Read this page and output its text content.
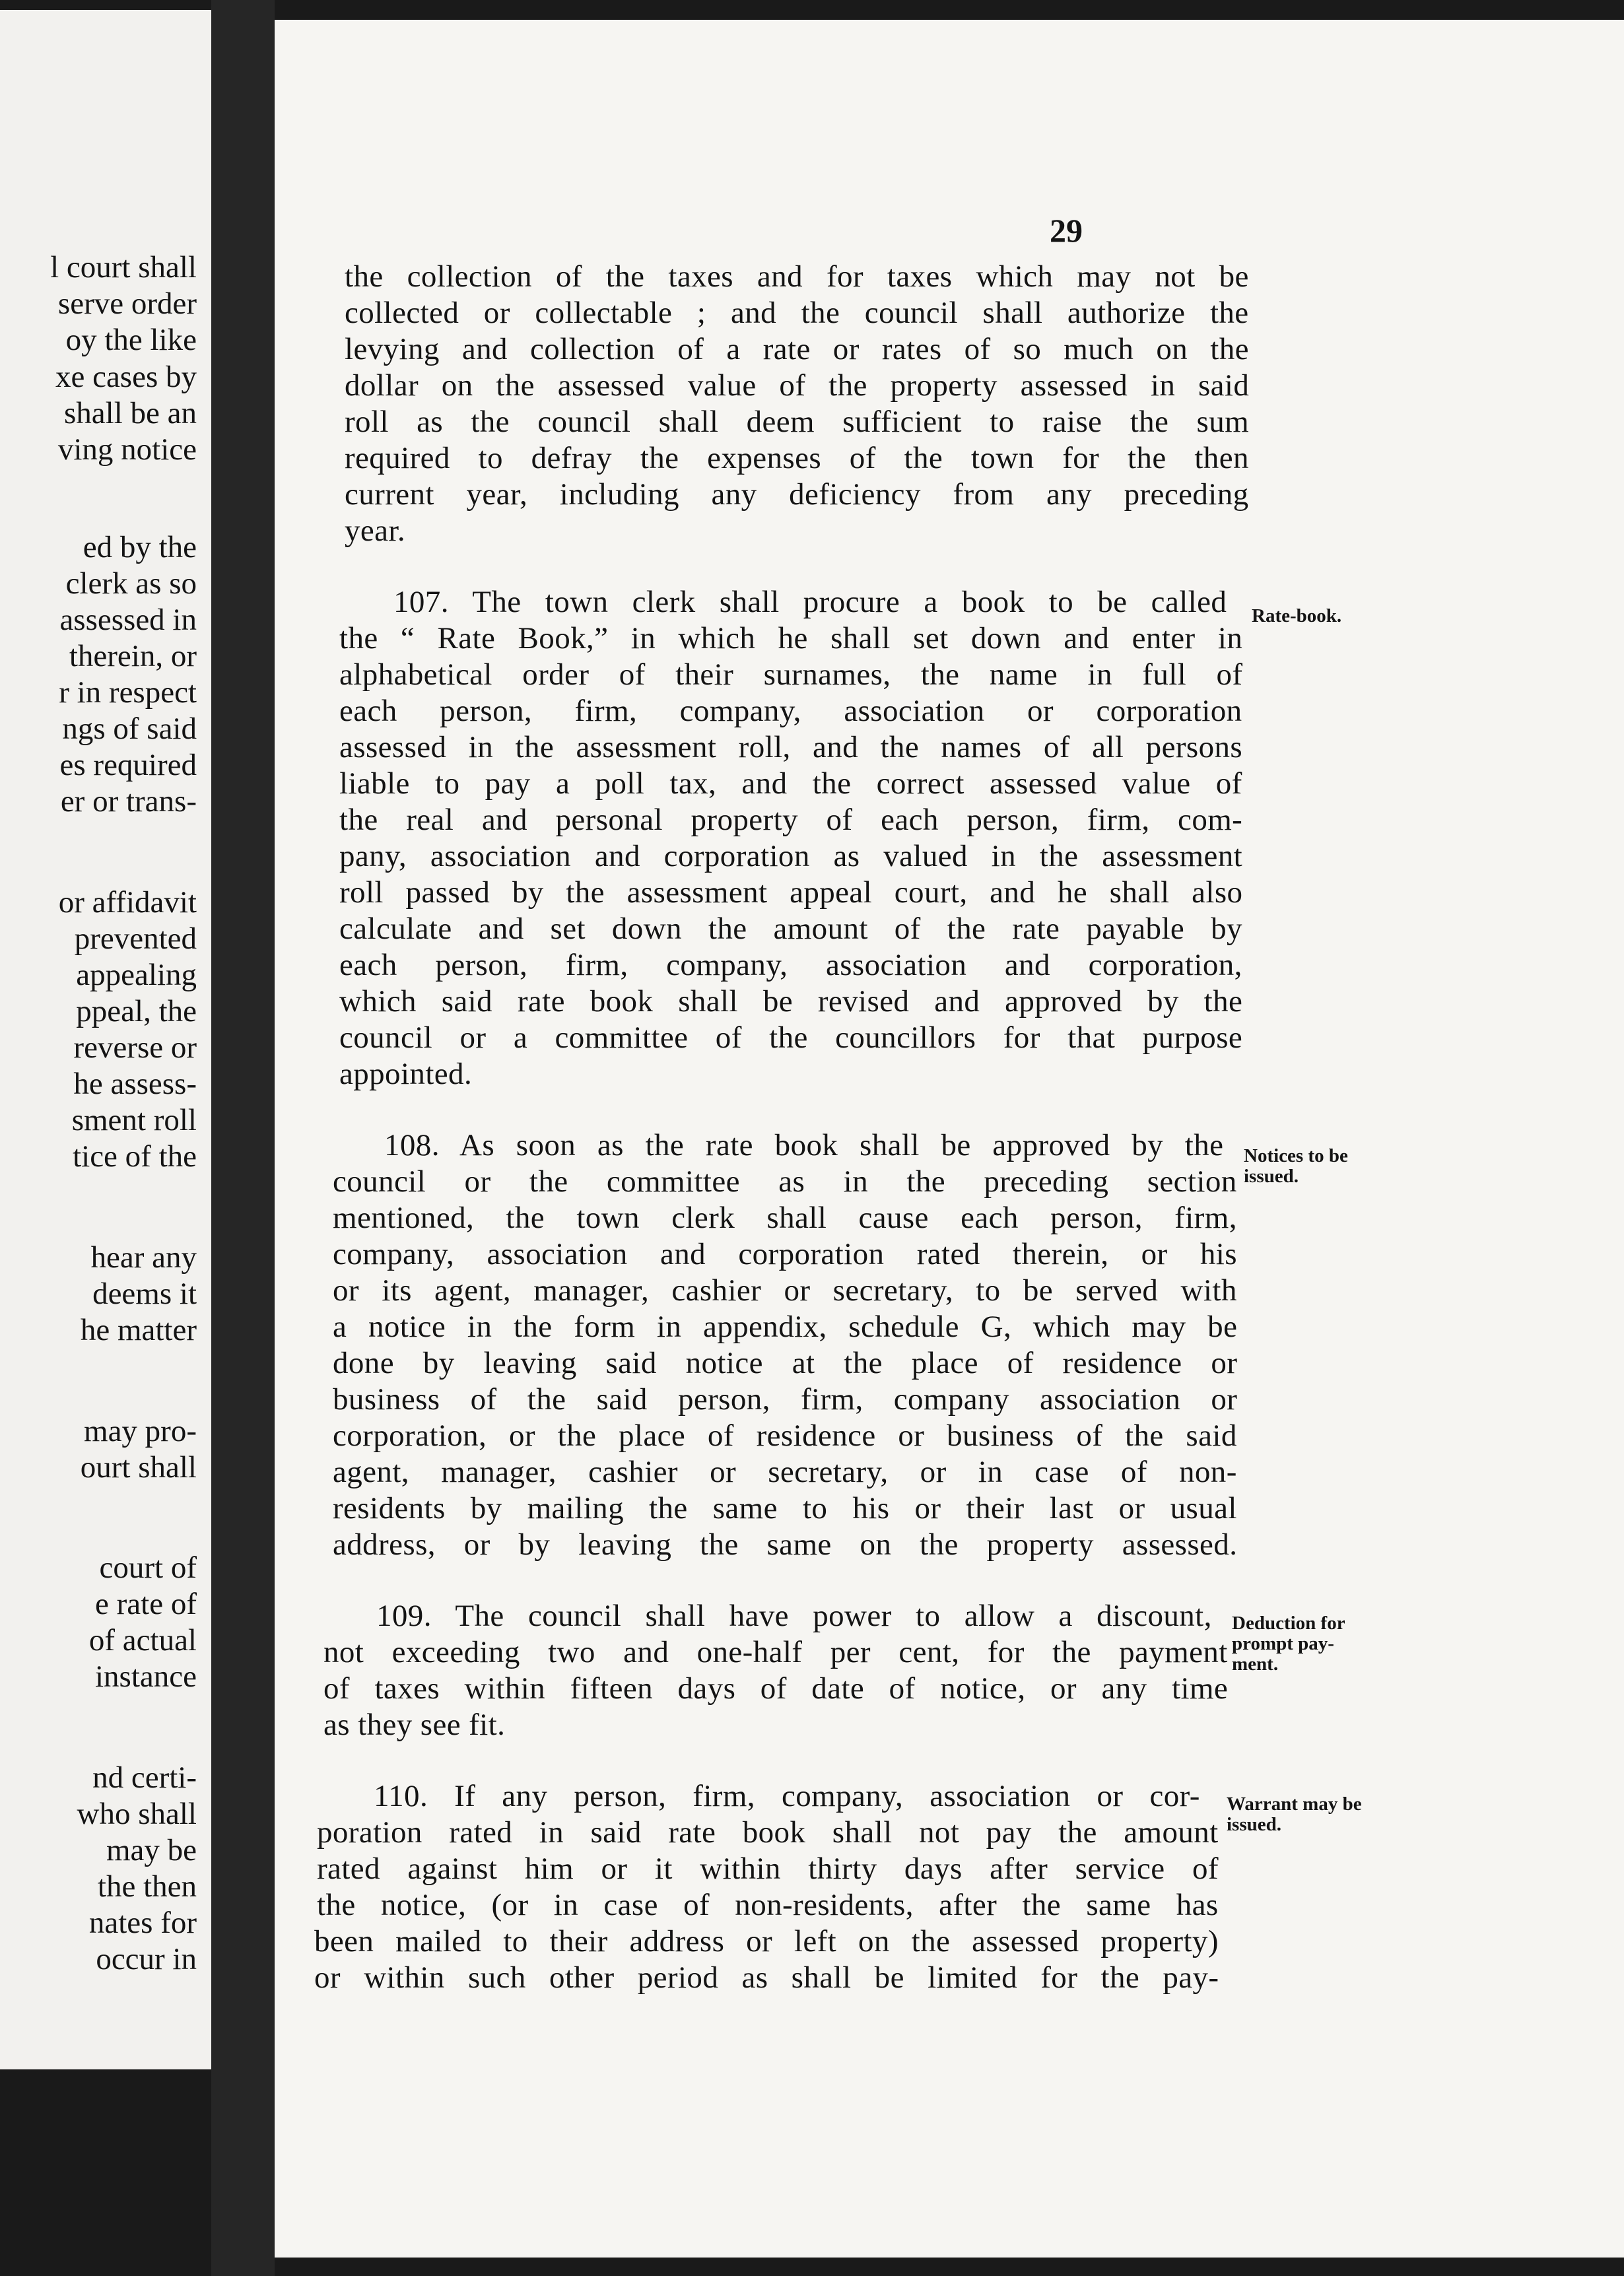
l court shall
serve order
oy the like
xe cases by
shall be an
ving notice
ed by the
clerk as so
assessed in
therein, or
r in respect
ngs of said
es required
er or trans-
or affidavit
prevented
appealing
ppeal, the
reverse or
he assess-
sment roll
tice of the
hear any
deems it
he matter
may pro-
ourt shall
court of
e rate of
of actual
instance
nd certi-
who shall
may be
the then
nates for
occur in
29
the collection of the taxes and for taxes which may not be
collected or collectable ; and the council shall authorize the
levying and collection of a rate or rates of so much on the
dollar on the assessed value of the property assessed in said
roll as the council shall deem sufficient to raise the sum
required to defray the expenses of the town for the then
current year, including any deficiency from any preceding
year.
107. The town clerk shall procure a book to be called
the “ Rate Book,” in which he shall set down and enter in
alphabetical order of their surnames, the name in full of
each person, firm, company, association or corporation
assessed in the assessment roll, and the names of all persons
liable to pay a poll tax, and the correct assessed value of
the real and personal property of each person, firm, com-
pany, association and corporation as valued in the assessment
roll passed by the assessment appeal court, and he shall also
calculate and set down the amount of the rate payable by
each person, firm, company, association and corporation,
which said rate book shall be revised and approved by the
council or a committee of the councillors for that purpose
appointed.
108. As soon as the rate book shall be approved by the
council or the committee as in the preceding section
mentioned, the town clerk shall cause each person, firm,
company, association and corporation rated therein, or his
or its agent, manager, cashier or secretary, to be served with
a notice in the form in appendix, schedule G, which may be
done by leaving said notice at the place of residence or
business of the said person, firm, company association or
corporation, or the place of residence or business of the said
agent, manager, cashier or secretary, or in case of non-
residents by mailing the same to his or their last or usual
address, or by leaving the same on the property assessed.
109. The council shall have power to allow a discount,
not exceeding two and one-half per cent, for the payment
of taxes within fifteen days of date of notice, or any time
as they see fit.
110. If any person, firm, company, association or cor-
poration rated in said rate book shall not pay the amount
rated against him or it within thirty days after service of
the notice, (or in case of non-residents, after the same has
been mailed to their address or left on the assessed property)
or within such other period as shall be limited for the pay-
Rate-book.
Notices to be
issued.
Deduction for
prompt pay-
ment.
Warrant may be
issued.
